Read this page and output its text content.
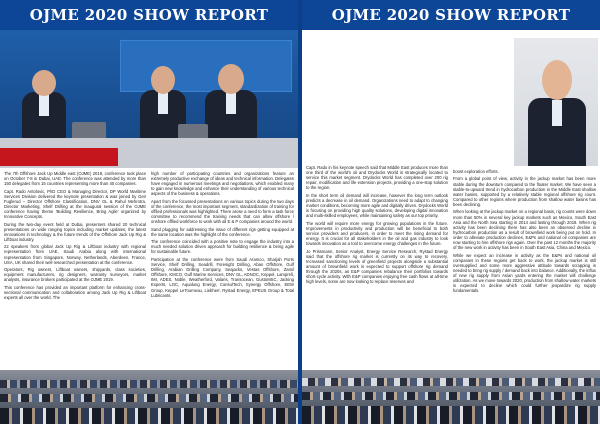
OJME 2020 SHOW REPORT

The 7th Offshore Jack Up Middle east (OJME) 2019, conference took place on October 7-8 in Dubai, UAE. The conference was attended by more than 150 delegates from 15 countries representing more than 40 companies.

Capt. Rado Antolovic, PhD CEO & Managing Director, DP World Maritime Services Division delivered the keynote presentation & was joined by Geir Fuglerud – Director Offshore Classification, DNV GL & Rahul Mehrotra, Director Marketing, Shelf Drilling at the inaugural session of the OJME conference having theme 'Building Resilience, Bring Agile' organized by Innovative Concepts.

During the two-day event held at Dubai, presenters shared 20 technical presentations on wide ranging topics including market updates, the latest innovations in technology & the future trends of the Offshore Jack Up Rig & Liftboat industry.

22 speakers from global Jack Up Rig & Liftboat industry with regional representation from UAE, Saudi Arabia along with international representation from Singapore, Norway, Netherlands, Aberdeen, France, USA, UK shared their well researched presentation at the conference.

Operators, Rig owners, Liftboat owners, shipyards, class societies, equipment manufacturers, rig designers, warranty surveyors, market analysts, insurance brokers participated at the OJME 2019.

This conference has provided an important platform for enhancing cross-sectional communication and collaboration among Jack Up Rig & Liftboat experts all over the world. The

high number of participating countries and organizations feature an extremely productive exchange of ideas and technical information. Delegates have engaged in numerous meetings and negotiations, which enabled many to gain new knowledge and enhance their understanding of various technical aspects of the business & operations.

Apart from the focussed presentations on various topics during the two days of the conference, the most important segment, standardization of training for offlied professionals was highlighted. There arose a need to form a task force committee to recommend the training needs that can allow offshore / onshore offlied workforce to work with all E & P companies around the world.

Sand plugging for addressing the issue of different rigs getting equipped at the same location was the highlight of the conference.

The conference coincided with a positive note to engage the industry into a much needed solution driven approach for building resilience & being agile for sustainable future.

Participation at the conference were from Saudi Aramco, Sharjah Ports Service, Shelf Drilling, Seadrill, Foresight Drilling, Aban Offshore, Gulf Drilling, Arabian Drilling Company, Seajacks, Vestas Offshore, Zamil Offshore, KMCO, Gulf Marine Services, DNV GL, ADNOC, Keppel, Lamprell, IMI, ADES, Noble, Weatherford, Valaris, Transocean, GustoMSC, Jacking Experts, LOC, Aqualung Energy, ConsulTech, Synergy Offshore, EEW Group, Keppel LeTourneau, Liebherr, Rystad Energy, EPEUS Group & Total Lubricants.

OJME 2020 SHOW REPORT

Capt. Rado in his keynote speech said that Middle East produces more than one third of the world's oil and Drydocks World is strategically located to service this market segment. Drydocks World has completed over 200 rig repair, modification and life extension projects, providing a one-stop solution to the region.

In the short term oil demand will increase, however the long term outlook predicts a decrease in oil demand. Organizations need to adapt to changing market conditions, becoming more agile and digitally driven. Drydocks World is focusing on providing high quality solutions, developing digital innovation and multi-skilled employees, while maintaining safety as our top priority.

The world will require more energy for growing populations in the future. Improvements in productivity and production will be beneficial to both service providers and producers, in order to meet the rising demand for energy. It is crucial for all stakeholders in the oil and gas industry to look towards innovation as a tool to overcome energy challenges in the future.

Jo Prissmann, Senior Analyst, Energy Service Research, Rystad Energy said that the offshore rig market is currently on its way to recovery. Increased sanctioning levels of greenfield projects alongside a substantial amount of brownfield work is expected to support offshore rig demand through the 2020s, as E&P companies rebalance their portfolios towards short-cycle activity. With E&P companies enjoying free cash flows at all-time high levels, some are now looking to replace reserves and

boost exploration efforts.

From a global point of view, activity in the jackup market has been more stable during the downturn compared to the floater market. We have seen a stable-to-upward trend in hydrocarbon production in the Middle East shallow water basins, supported by a relatively stable regional offshore rig count. Compared to other regions where production from shallow water basins has been declining.

When looking at the jackup market on a regional basis, rig counts were down more than 50% in several key jackup markets such as Mexico, South East Asia and the North Sea starting in 2014 and lasting through 2018. When rig activity has been declining there has also been an observed decline in hydrocarbon production as a result of brownfield work being put on hold. In order to alleviate production declines, E&Ps and national oil companies are now starting to hire offshore rigs again. Over the past 12 months the majority of the new work in activity has been in South East Asia, China and Mexico.

While we expect an increase in activity as the E&Ps and national oil companies in these regions get back to work, the jackup market is still oversupplied and some more aggressive attitude towards scrapping is needed to bring rig supply / demand back into balance. Additionally, the influx of new rig supply from Asian yards entering the market will challenge utilization. As we move towards 2020, production from shallow water markets is expected to decline which could further jeopardize rig supply fundamentals.
